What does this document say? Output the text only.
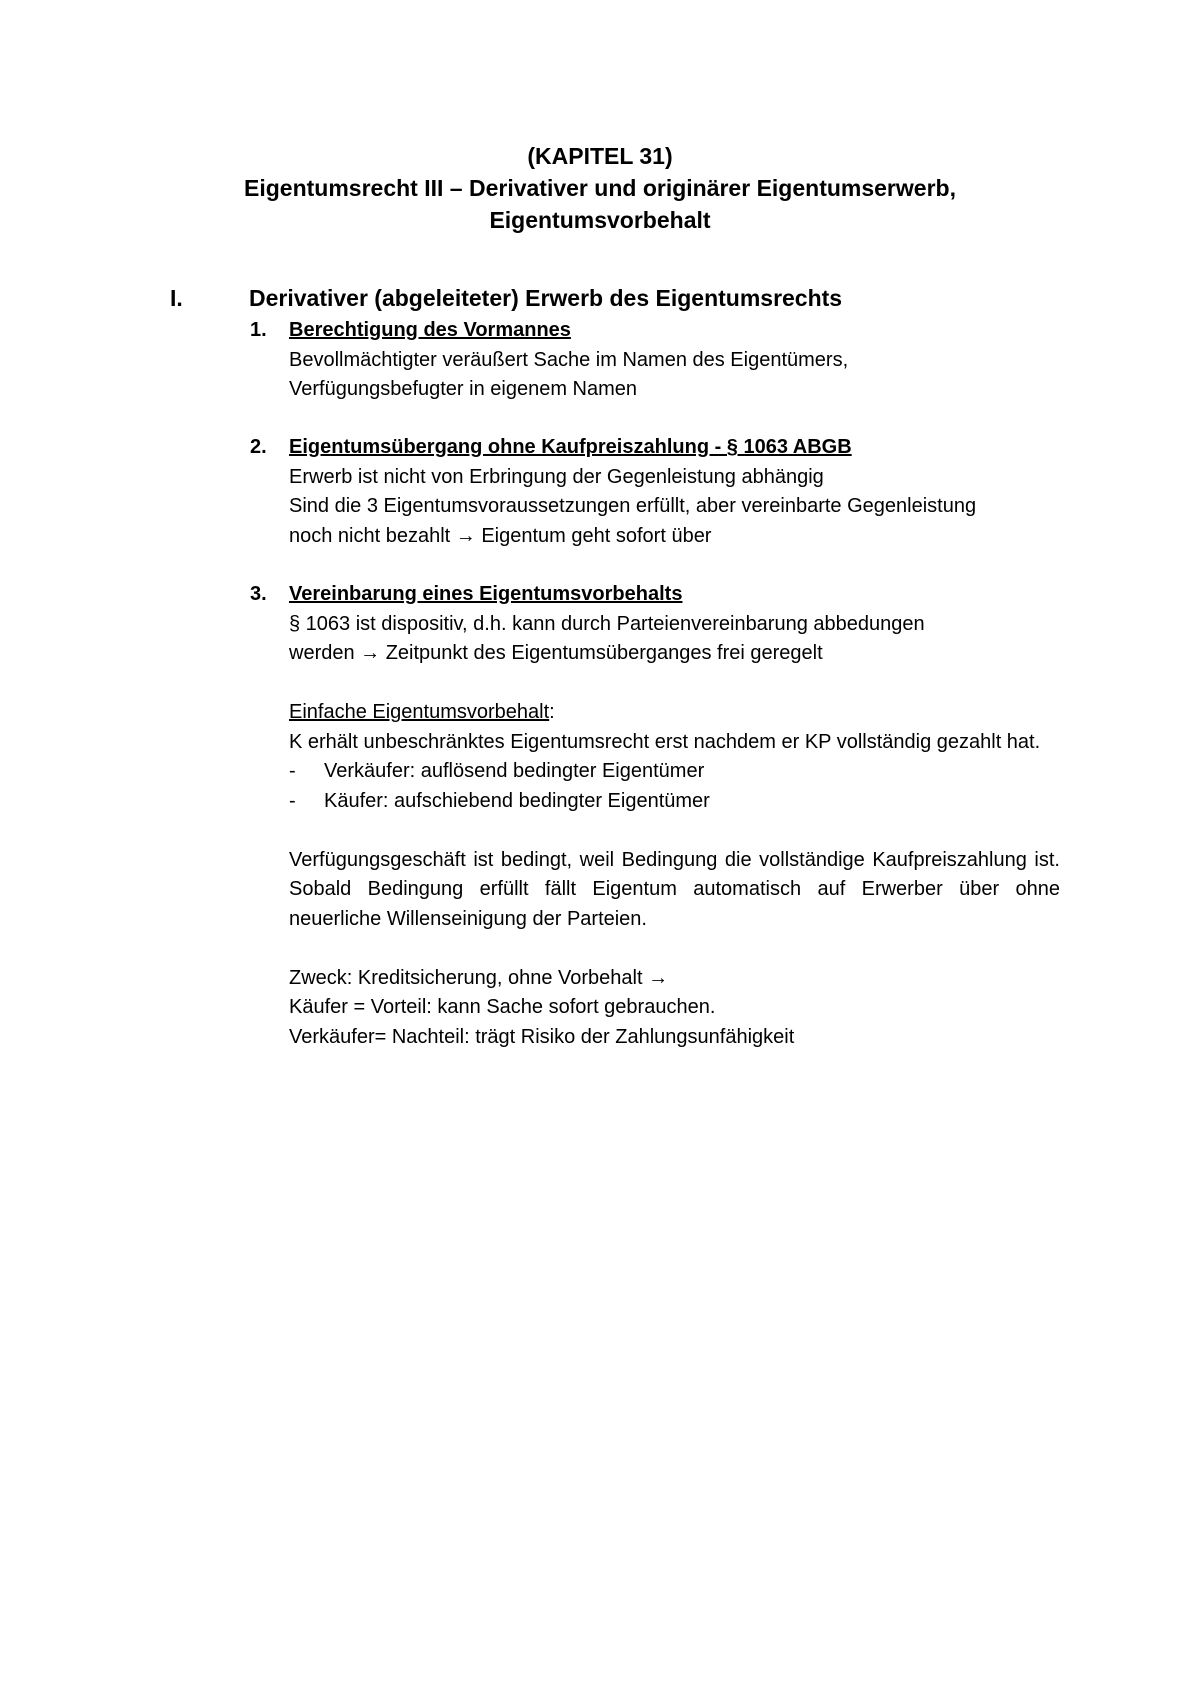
(KAPITEL 31)
Eigentumsrecht III – Derivativer und originärer Eigentumserwerb,
Eigentumsvorbehalt
I.	Derivativer (abgeleiteter) Erwerb des Eigentumsrechts
1. Berechtigung des Vormannes
Bevollmächtigter veräußert Sache im Namen des Eigentümers,
Verfügungsbefugter in eigenem Namen
2. Eigentumsübergang ohne Kaufpreiszahlung - § 1063 ABGB
Erwerb ist nicht von Erbringung der Gegenleistung abhängig
Sind die 3 Eigentumsvoraussetzungen erfüllt, aber vereinbarte Gegenleistung
noch nicht bezahlt → Eigentum geht sofort über
3. Vereinbarung eines Eigentumsvorbehalts
§ 1063 ist dispositiv, d.h. kann durch Parteienvereinbarung abbedungen
werden → Zeitpunkt des Eigentumsüberganges frei geregelt
Einfache Eigentumsvorbehalt:
K erhält unbeschränktes Eigentumsrecht erst nachdem er KP vollständig gezahlt hat.
- Verkäufer: auflösend bedingter Eigentümer
- Käufer: aufschiebend bedingter Eigentümer
Verfügungsgeschäft ist bedingt, weil Bedingung die vollständige Kaufpreiszahlung ist. Sobald Bedingung erfüllt fällt Eigentum automatisch auf Erwerber über ohne neuerliche Willenseinigung der Parteien.
Zweck: Kreditsicherung, ohne Vorbehalt →
Käufer = Vorteil: kann Sache sofort gebrauchen.
Verkäufer= Nachteil: trägt Risiko der Zahlungsunfähigkeit
